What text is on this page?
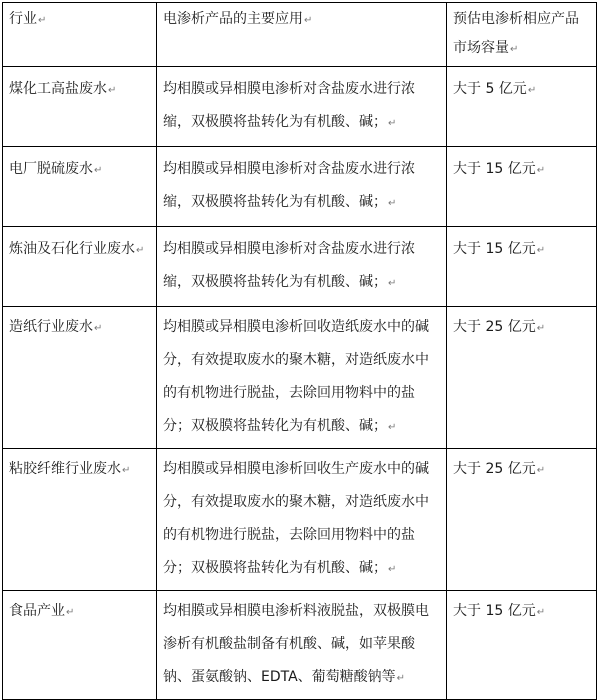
行业↵	电渗析产品的主要应用↵	预估电渗析相应产品市场容量↵
煤化工高盐废水↵	均相膜或异相膜电渗析对含盐废水进行浓缩，双极膜将盐转化为有机酸、碱；↵	大于 5 亿元↵
电厂脱硫废水↵	均相膜或异相膜电渗析对含盐废水进行浓缩，双极膜将盐转化为有机酸、碱；↵	大于 15 亿元↵
炼油及石化行业废水↵	均相膜或异相膜电渗析对含盐废水进行浓缩，双极膜将盐转化为有机酸、碱；↵	大于 15 亿元↵
造纸行业废水↵	均相膜或异相膜电渗析回收造纸废水中的碱分，有效提取废水的聚木糖，对造纸废水中的有机物进行脱盐，去除回用物料中的盐分；双极膜将盐转化为有机酸、碱；↵	大于 25 亿元↵
粘胶纤维行业废水↵	均相膜或异相膜电渗析回收生产废水中的碱分，有效提取废水的聚木糖，对造纸废水中的有机物进行脱盐，去除回用物料中的盐分；双极膜将盐转化为有机酸、碱；↵	大于 25 亿元↵
食品产业↵	均相膜或异相膜电渗析料液脱盐，双极膜电渗析有机酸盐制备有机酸、碱，如苹果酸钠、蛋氨酸钠、EDTA、葡萄糖酸钠等↵	大于 15 亿元↵
